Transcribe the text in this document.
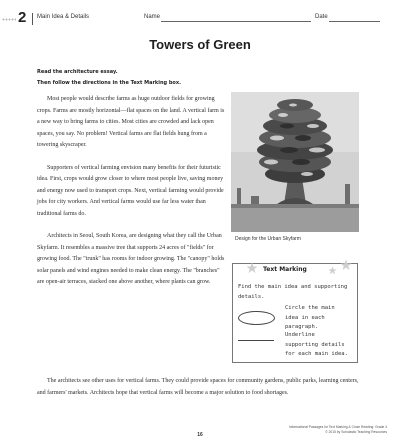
2 Main Idea & Details	Name	Date
Towers of Green
Read the architecture essay.
Then follow the directions in the Text Marking box.

Most people would describe farms as huge outdoor fields for growing crops. Farms are mostly horizontal—flat spaces on the land. A vertical farm is a new way to bring farms to cities. Most cities are crowded and lack open spaces, you say. No problem! Vertical farms are flat fields hung from a towering skyscraper.

Supporters of vertical farming envision many benefits for their futuristic idea. First, crops would grow closer to where most people live, saving money and energy now used to transport crops. Next, vertical farming would provide jobs for city workers. And vertical farms would use far less water than traditional farms do.

Architects in Seoul, South Korea, are designing what they call the Urban Skyfarm. It resembles a massive tree that supports 24 acres of "fields" for growing food. The "trunk" has rooms for indoor growing. The "canopy" holds solar panels and wind engines needed to make clean energy. The "branches" are open-air terraces, stacked one above another, where plants can grow.

The architects see other uses for vertical farms. They could provide spaces for community gardens, public parks, learning centers, and farmers' markets. Architects hope that vertical farms will become a major solution to food shortages.

Design for the Urban Skyfarm
Text Marking
Find the main idea and supporting details.
Circle the main idea in each paragraph.
Underline supporting details for each main idea.
Informational Passages for Text Marking & Close Reading: Grade 4
© 2015 by Scholastic Teaching Resources
16
